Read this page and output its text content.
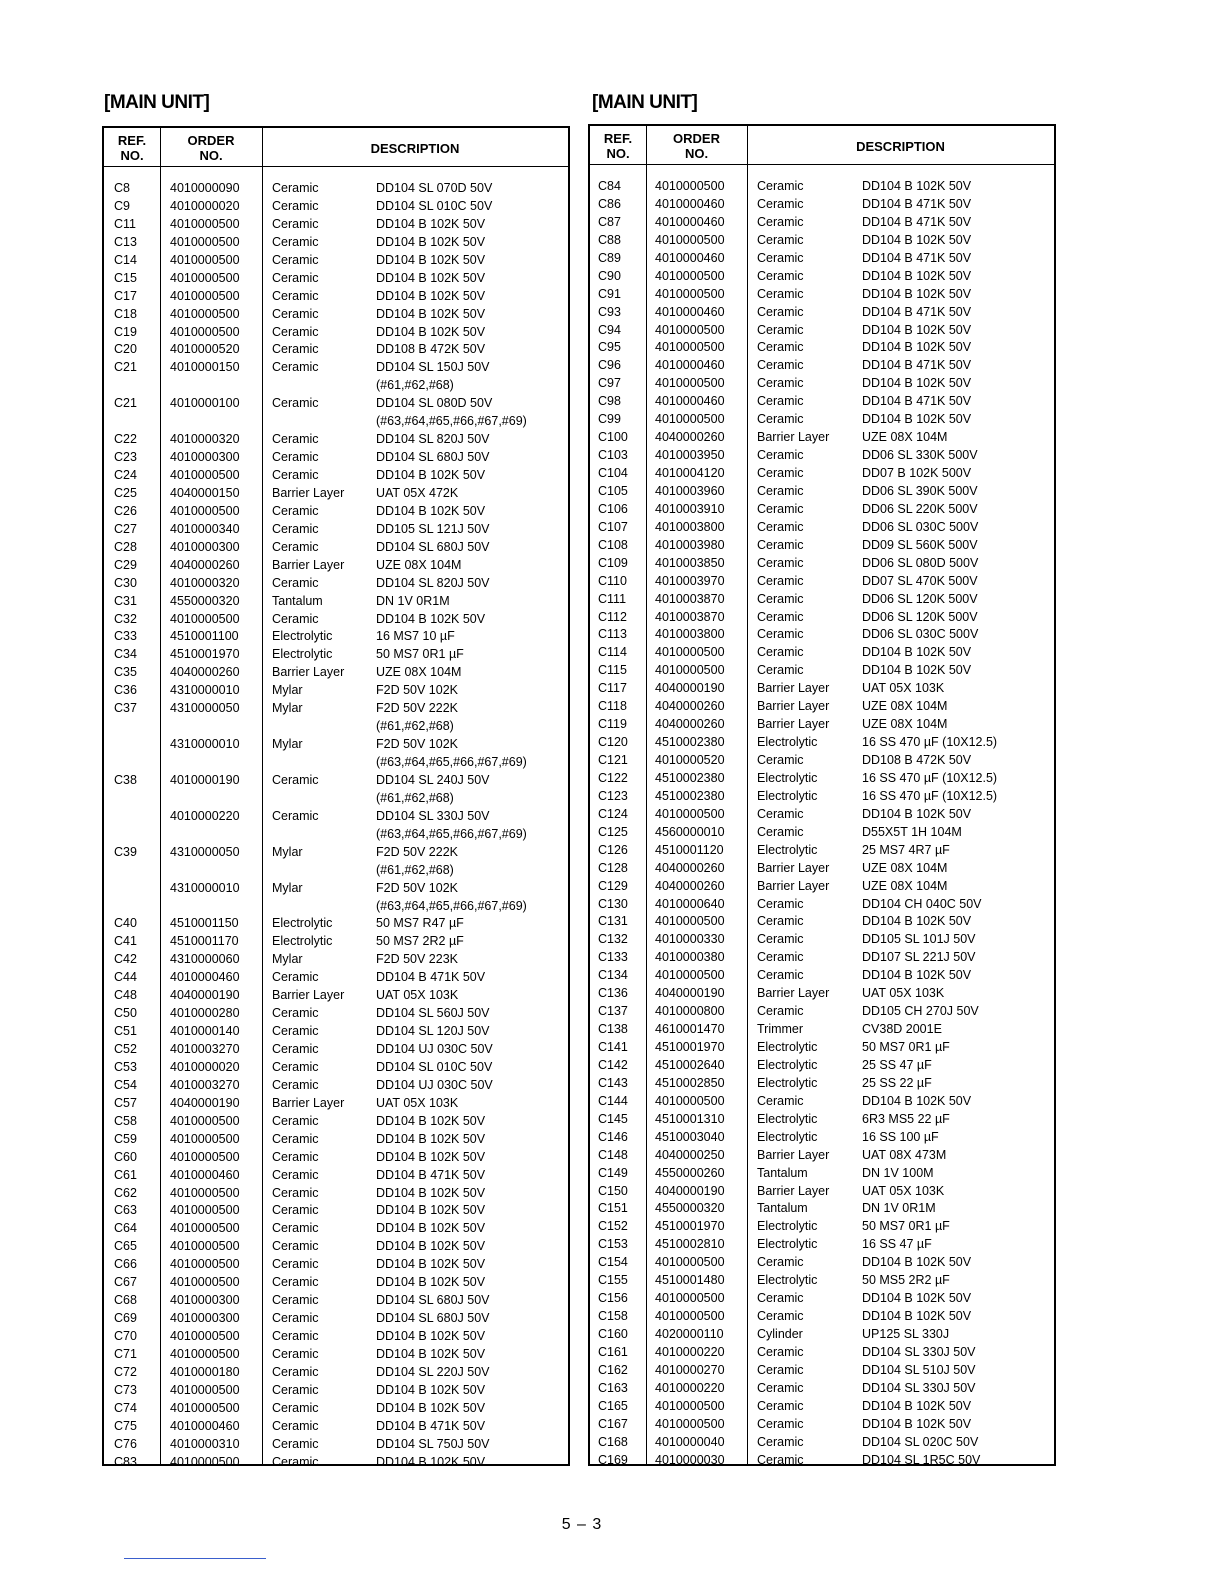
[MAIN UNIT]	[MAIN UNIT]
REF.
NO.
ORDER
NO.	DESCRIPTION
C8	4010000090	Ceramic	DD104 SL 070D 50V
C9	4010000020	Ceramic	DD104 SL 010C 50V
C11	4010000500	Ceramic	DD104 B 102K 50V
C13	4010000500	Ceramic	DD104 B 102K 50V
C14	4010000500	Ceramic	DD104 B 102K 50V
C15	4010000500	Ceramic	DD104 B 102K 50V
C17	4010000500	Ceramic	DD104 B 102K 50V
C18	4010000500	Ceramic	DD104 B 102K 50V
C19	4010000500	Ceramic	DD104 B 102K 50V
C20	4010000520	Ceramic	DD108 B 472K 50V
C21	4010000150	Ceramic	DD104 SL 150J 50V
(#61,#62,#68)
C21	4010000100	Ceramic	DD104 SL 080D 50V
(#63,#64,#65,#66,#67,#69)
C22	4010000320	Ceramic	DD104 SL 820J 50V
C23	4010000300	Ceramic	DD104 SL 680J 50V
C24	4010000500	Ceramic	DD104 B 102K 50V
C25	4040000150	Barrier Layer	UAT 05X 472K
C26	4010000500	Ceramic	DD104 B 102K 50V
C27	4010000340	Ceramic	DD105 SL 121J 50V
C28	4010000300	Ceramic	DD104 SL 680J 50V
C29	4040000260	Barrier Layer	UZE 08X 104M
C30	4010000320	Ceramic	DD104 SL 820J 50V
C31	4550000320	Tantalum	DN 1V 0R1M
C32	4010000500	Ceramic	DD104 B 102K 50V
C33	4510001100	Electrolytic	16 MS7 10 µF
C34	4510001970	Electrolytic	50 MS7 0R1 µF
C35	4040000260	Barrier Layer	UZE 08X 104M
C36	4310000010	Mylar	F2D 50V 102K
C37	4310000050	Mylar	F2D 50V 222K
(#61,#62,#68)
4310000010	Mylar	F2D 50V 102K
(#63,#64,#65,#66,#67,#69)
C38	4010000190	Ceramic	DD104 SL 240J 50V
(#61,#62,#68)
4010000220	Ceramic	DD104 SL 330J 50V
(#63,#64,#65,#66,#67,#69)
C39	4310000050	Mylar	F2D 50V 222K
(#61,#62,#68)
4310000010	Mylar	F2D 50V 102K
(#63,#64,#65,#66,#67,#69)
C40	4510001150	Electrolytic	50 MS7 R47 µF
C41	4510001170	Electrolytic	50 MS7 2R2 µF
C42	4310000060	Mylar	F2D 50V 223K
C44	4010000460	Ceramic	DD104 B 471K 50V
C48	4040000190	Barrier Layer	UAT 05X 103K
C50	4010000280	Ceramic	DD104 SL 560J 50V
C51	4010000140	Ceramic	DD104 SL 120J 50V
C52	4010003270	Ceramic	DD104 UJ 030C 50V
C53	4010000020	Ceramic	DD104 SL 010C 50V
C54	4010003270	Ceramic	DD104 UJ 030C 50V
C57	4040000190	Barrier Layer	UAT 05X 103K
C58	4010000500	Ceramic	DD104 B 102K 50V
C59	4010000500	Ceramic	DD104 B 102K 50V
C60	4010000500	Ceramic	DD104 B 102K 50V
C61	4010000460	Ceramic	DD104 B 471K 50V
C62	4010000500	Ceramic	DD104 B 102K 50V
C63	4010000500	Ceramic	DD104 B 102K 50V
C64	4010000500	Ceramic	DD104 B 102K 50V
C65	4010000500	Ceramic	DD104 B 102K 50V
C66	4010000500	Ceramic	DD104 B 102K 50V
C67	4010000500	Ceramic	DD104 B 102K 50V
C68	4010000300	Ceramic	DD104 SL 680J 50V
C69	4010000300	Ceramic	DD104 SL 680J 50V
C70	4010000500	Ceramic	DD104 B 102K 50V
C71	4010000500	Ceramic	DD104 B 102K 50V
C72	4010000180	Ceramic	DD104 SL 220J 50V
C73	4010000500	Ceramic	DD104 B 102K 50V
C74	4010000500	Ceramic	DD104 B 102K 50V
C75	4010000460	Ceramic	DD104 B 471K 50V
C76	4010000310	Ceramic	DD104 SL 750J 50V
C83	4010000500	Ceramic	DD104 B 102K 50V
REF.
NO.
ORDER
NO.	DESCRIPTION
C84	4010000500	Ceramic	DD104 B 102K 50V
C86	4010000460	Ceramic	DD104 B 471K 50V
C87	4010000460	Ceramic	DD104 B 471K 50V
C88	4010000500	Ceramic	DD104 B 102K 50V
C89	4010000460	Ceramic	DD104 B 471K 50V
C90	4010000500	Ceramic	DD104 B 102K 50V
C91	4010000500	Ceramic	DD104 B 102K 50V
C93	4010000460	Ceramic	DD104 B 471K 50V
C94	4010000500	Ceramic	DD104 B 102K 50V
C95	4010000500	Ceramic	DD104 B 102K 50V
C96	4010000460	Ceramic	DD104 B 471K 50V
C97	4010000500	Ceramic	DD104 B 102K 50V
C98	4010000460	Ceramic	DD104 B 471K 50V
C99	4010000500	Ceramic	DD104 B 102K 50V
C100 4040000260	Barrier Layer	UZE 08X 104M
C103 4010003950	Ceramic	DD06 SL 330K 500V
C104 4010004120	Ceramic	DD07 B 102K 500V
C105 4010003960	Ceramic	DD06 SL 390K 500V
C106 4010003910	Ceramic	DD06 SL 220K 500V
C107 4010003800	Ceramic	DD06 SL 030C 500V
C108 4010003980	Ceramic	DD09 SL 560K 500V
C109 4010003850	Ceramic	DD06 SL 080D 500V
C110 4010003970	Ceramic	DD07 SL 470K 500V
C111 4010003870	Ceramic	DD06 SL 120K 500V
C112 4010003870	Ceramic	DD06 SL 120K 500V
C113 4010003800	Ceramic	DD06 SL 030C 500V
C114 4010000500	Ceramic	DD104 B 102K 50V
C115 4010000500	Ceramic	DD104 B 102K 50V
C117 4040000190	Barrier Layer	UAT 05X 103K
C118 4040000260	Barrier Layer	UZE 08X 104M
C119 4040000260	Barrier Layer	UZE 08X 104M
C120 4510002380	Electrolytic	16 SS 470 µF (10X12.5)
C121 4010000520	Ceramic	DD108 B 472K 50V
C122 4510002380	Electrolytic	16 SS 470 µF (10X12.5)
C123 4510002380	Electrolytic	16 SS 470 µF (10X12.5)
C124 4010000500	Ceramic	DD104 B 102K 50V
C125 4560000010	Ceramic	D55X5T 1H 104M
C126 4510001120	Electrolytic	25 MS7 4R7 µF
C128 4040000260	Barrier Layer	UZE 08X 104M
C129 4040000260	Barrier Layer	UZE 08X 104M
C130 4010000640	Ceramic	DD104 CH 040C 50V
C131 4010000500	Ceramic	DD104 B 102K 50V
C132 4010000330	Ceramic	DD105 SL 101J 50V
C133 4010000380	Ceramic	DD107 SL 221J 50V
C134 4010000500	Ceramic	DD104 B 102K 50V
C136 4040000190	Barrier Layer	UAT 05X 103K
C137 4010000800	Ceramic	DD105 CH 270J 50V
C138 4610001470	Trimmer	CV38D 2001E
C141 4510001970	Electrolytic	50 MS7 0R1 µF
C142 4510002640	Electrolytic	25 SS 47 µF
C143 4510002850	Electrolytic	25 SS 22 µF
C144 4010000500	Ceramic	DD104 B 102K 50V
C145 4510001310	Electrolytic	6R3 MS5 22 µF
C146 4510003040	Electrolytic	16 SS 100 µF
C148 4040000250	Barrier Layer	UAT 08X 473M
C149 4550000260	Tantalum	DN 1V 100M
C150 4040000190	Barrier Layer	UAT 05X 103K
C151 4550000320	Tantalum	DN 1V 0R1M
C152 4510001970	Electrolytic	50 MS7 0R1 µF
C153 4510002810	Electrolytic	16 SS 47 µF
C154 4010000500	Ceramic	DD104 B 102K 50V
C155 4510001480	Electrolytic	50 MS5 2R2 µF
C156 4010000500	Ceramic	DD104 B 102K 50V
C158 4010000500	Ceramic	DD104 B 102K 50V
C160 4020000110	Cylinder	UP125 SL 330J
C161 4010000220	Ceramic	DD104 SL 330J 50V
C162 4010000270	Ceramic	DD104 SL 510J 50V
C163 4010000220	Ceramic	DD104 SL 330J 50V
C165 4010000500	Ceramic	DD104 B 102K 50V
C167 4010000500	Ceramic	DD104 B 102K 50V
C168 4010000040	Ceramic	DD104 SL 020C 50V
C169 4010000030	Ceramic	DD104 SL 1R5C 50V
5 – 3
